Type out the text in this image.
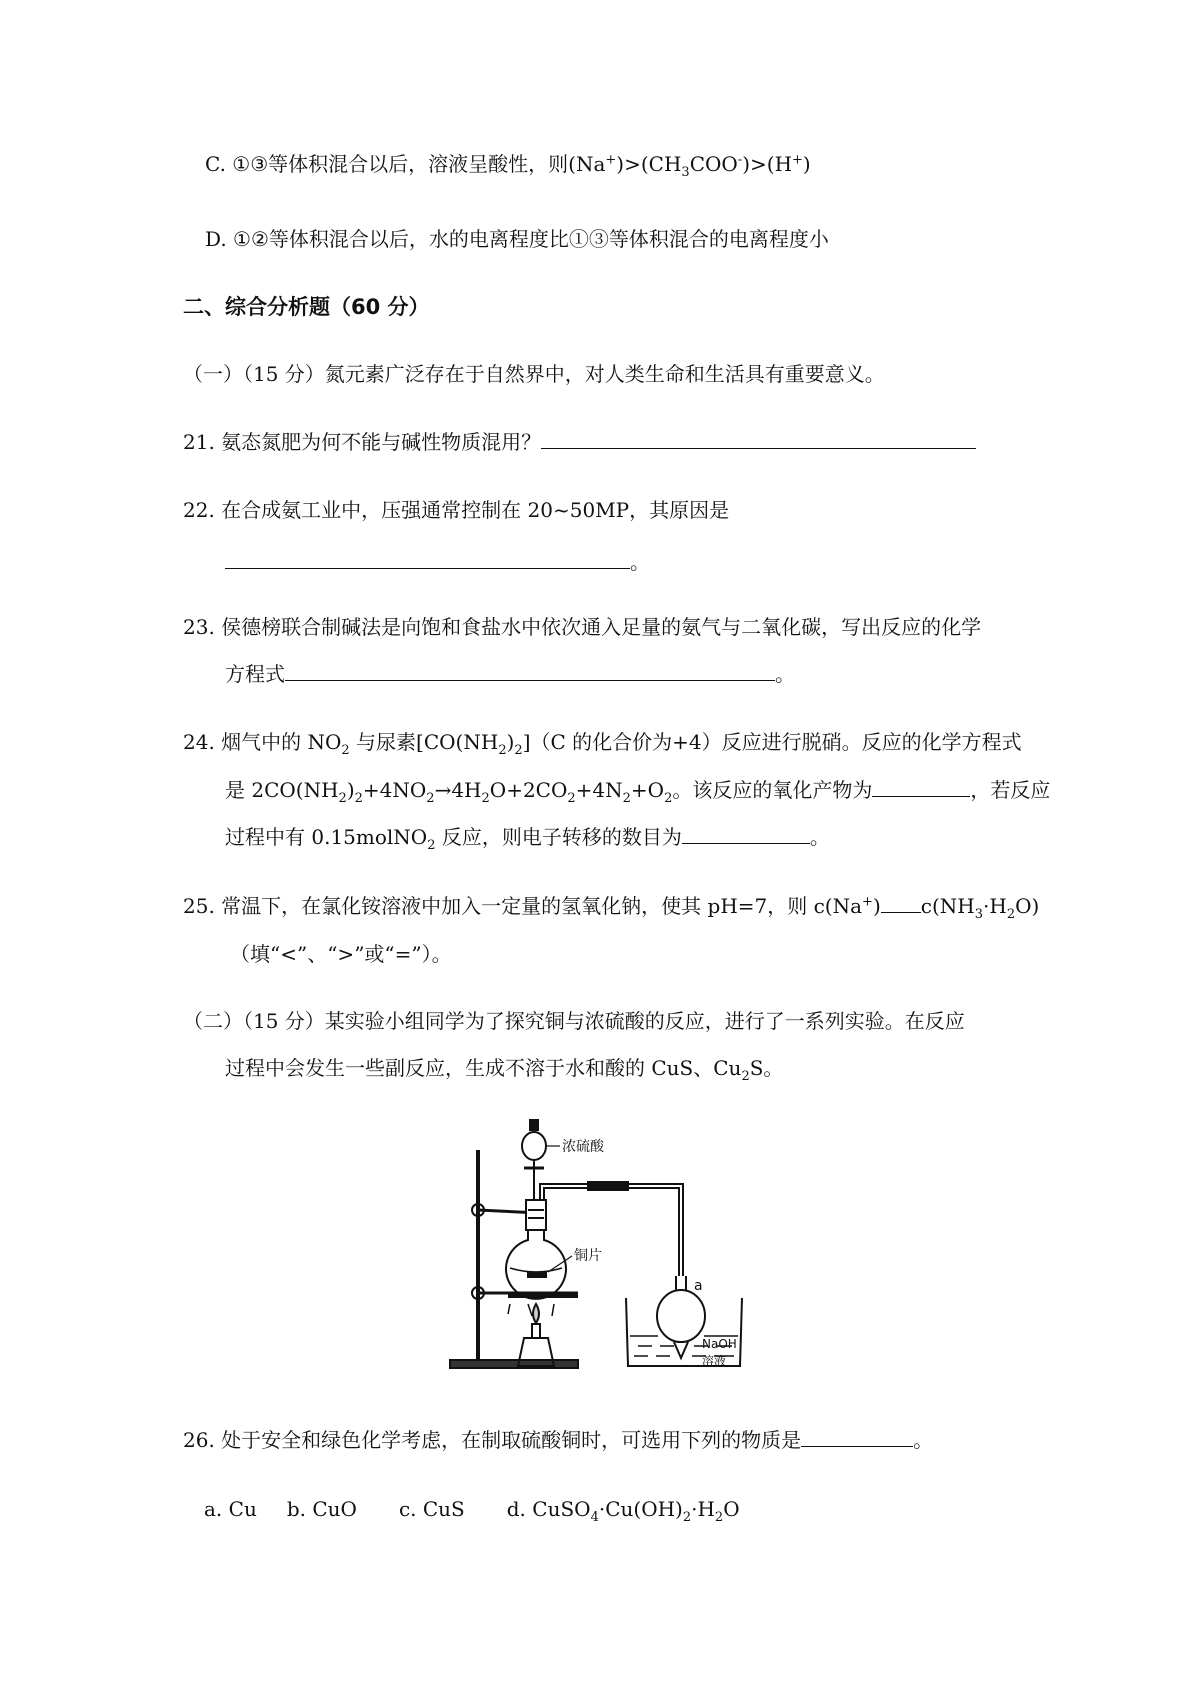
C. ①③等体积混合以后，溶液呈酸性，则$(Na^+)>(CH_3COO^-)>(H^+)$
D. ①②等体积混合以后，水的电离程度比①③等体积混合的电离程度小
二、综合分析题（60 分）
（一）（15 分）氮元素广泛存在于自然界中，对人类生命和生活具有重要意义。
21. 氨态氮肥为何不能与碱性物质混用？
22. 在合成氨工业中，压强通常控制在 20~50MP，其原因是
。
23. 侯德榜联合制碱法是向饱和食盐水中依次通入足量的氨气与二氧化碳，写出反应的化学
方程式	。
24. 烟气中的 $NO_2$ 与尿素$[CO(NH_2)_2](C$ 的化合价为+4）反应进行脱硝。反应的化学方程式
是 $2CO(NH_2)_2+4NO_2\to 4H_2O+2CO_2+4N_2+O_2$。该反应的氧化产物为	，若反应
过程中有 0.15molNO$_2$ 反应，则电子转移的数目为	。
25. 常温下，在氯化铵溶液中加入一定量的氢氧化钠，使其 pH=7，则 c(Na+) $c(NH_3\cdot H_2O)$
（填“<”、“>”或“=”）。
（二）（15 分）某实验小组同学为了探究铜与浓硫酸的反应，进行了一系列实验。在反应
过程中会发生一些副反应，生成不溶于水和酸的 CuS、$Cu_2S$。
浓硫酸
铜片
a
NaOH
溶液
26. 处于安全和绿色化学考虑，在制取硫酸铜时，可选用下列的物质是	。
a. Cu b. CuO c. CuS d. $CuSO_4\cdot Cu(OH)_2\cdot H_2O$
